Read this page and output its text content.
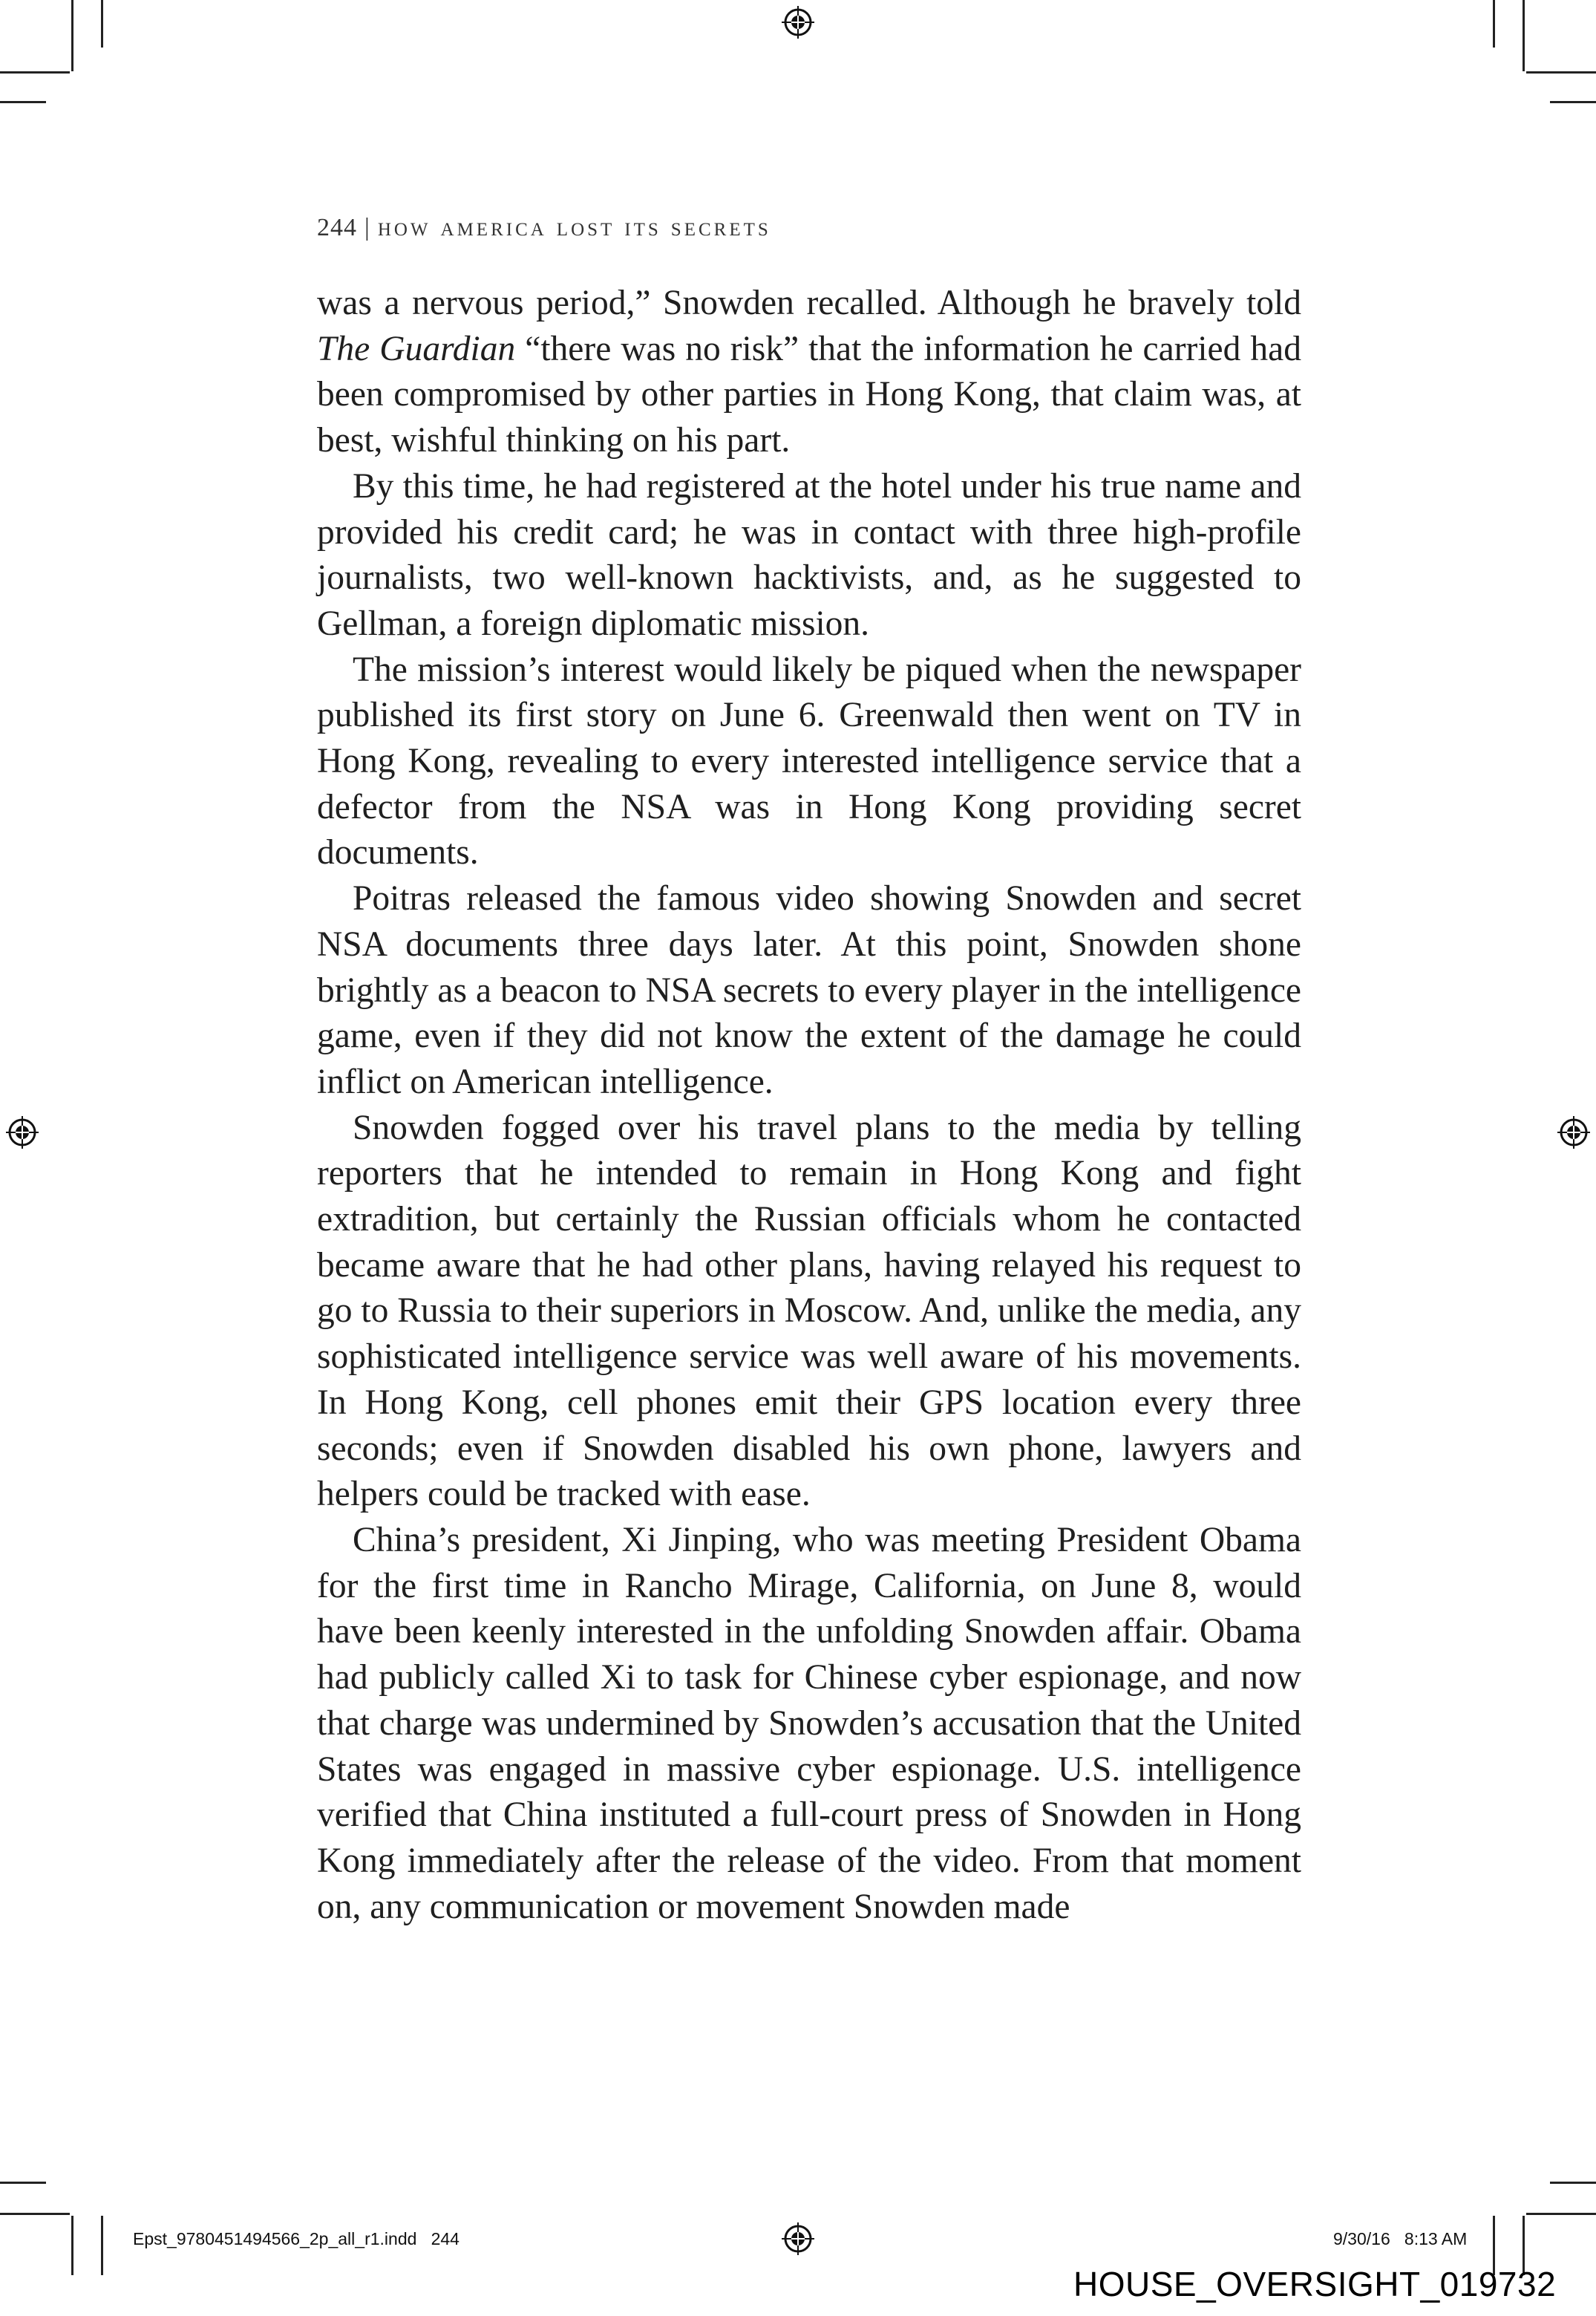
244 | how america lost its secrets

was a nervous period,” Snowden recalled. Although he bravely told The Guardian “there was no risk” that the information he carried had been compromised by other parties in Hong Kong, that claim was, at best, wishful thinking on his part.

By this time, he had registered at the hotel under his true name and provided his credit card; he was in contact with three high-profile journalists, two well-known hacktivists, and, as he suggested to Gellman, a foreign diplomatic mission.

The mission’s interest would likely be piqued when the newspaper published its first story on June 6. Greenwald then went on TV in Hong Kong, revealing to every interested intelligence service that a defector from the NSA was in Hong Kong providing secret documents.

Poitras released the famous video showing Snowden and secret NSA documents three days later. At this point, Snowden shone brightly as a beacon to NSA secrets to every player in the intelligence game, even if they did not know the extent of the damage he could inflict on American intelligence.

Snowden fogged over his travel plans to the media by telling reporters that he intended to remain in Hong Kong and fight extradition, but certainly the Russian officials whom he contacted became aware that he had other plans, having relayed his request to go to Russia to their superiors in Moscow. And, unlike the media, any sophisticated intelligence service was well aware of his movements. In Hong Kong, cell phones emit their GPS location every three seconds; even if Snowden disabled his own phone, lawyers and helpers could be tracked with ease.

China’s president, Xi Jinping, who was meeting President Obama for the first time in Rancho Mirage, California, on June 8, would have been keenly interested in the unfolding Snowden affair. Obama had publicly called Xi to task for Chinese cyber espionage, and now that charge was undermined by Snowden’s accusation that the United States was engaged in massive cyber espionage. U.S. intelligence verified that China instituted a full-court press of Snowden in Hong Kong immediately after the release of the video. From that moment on, any communication or movement Snowden made

Epst_9780451494566_2p_all_r1.indd   244	9/30/16   8:13 AM
HOUSE_OVERSIGHT_019732
